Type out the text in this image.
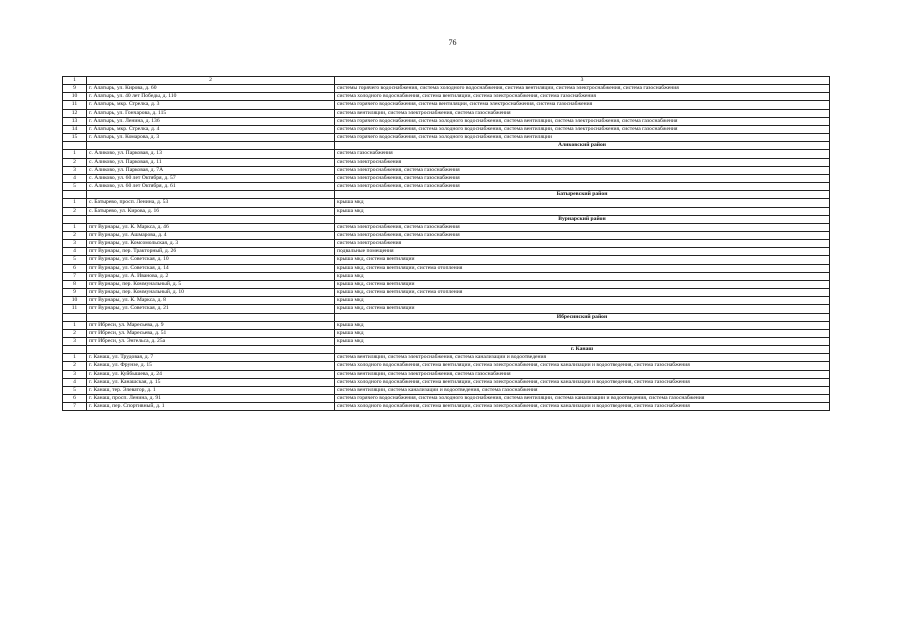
76
1	2	3
9	г. Алатырь, ул. Кирова, д. 60	системы горячего водоснабжения, система холодного водоснабжения, система вентиляции, система электроснабжения, система газоснабжения
10	г. Алатырь, ул. 40 лет Победы, д. 110	система холодного водоснабжения, система вентиляции, система электроснабжения, система газоснабжения
11	г. Алатырь, мкр. Стрелка, д. 3	система горячего водоснабжения, система вентиляции, система электроснабжения, система газоснабжения
12	г. Алатырь, ул. Гончарова, д. 115	система вентиляции, система электроснабжения, система газоснабжения
13	г. Алатырь, ул. Ленина, д. 136	система горячего водоснабжения, система холодного водоснабжения, система вентиляции, система электроснабжения, система газоснабжения
14	г. Алатырь, мкр. Стрелка, д. 4	система горячего водоснабжения, система холодного водоснабжения, система вентиляции, система электроснабжения, система газоснабжения
15	г. Алатырь, ул. Комарова, д. 3	система горячего водоснабжения, система холодного водоснабжения, система вентиляции
		Аликовский район
1	с. Аликово, ул. Парковая, д. 13	система газоснабжения
2	с. Аликово, ул. Парковая, д. 11	система электроснабжения
3	с. Аликово, ул. Парковая, д. 7А	система электроснабжения, система газоснабжения
4	с. Аликово, ул. 60 лет Октября, д. 57	система электроснабжения, система газоснабжения
5	с. Аликово, ул. 60 лет Октября, д. 61	система электроснабжения, система газоснабжения
		Батыревский район
1	с. Батырево, просп. Ленина, д. 53	крыша мкд
2	с. Батырево, ул. Кирова, д. 16	крыша мкд
		Вурнарский район
1	пгт Вурнары, ул. К. Маркса, д. 46	система электроснабжения, система газоснабжения
2	пгт Вурнары, ул. Ашмарова, д. 4	система электроснабжения, система газоснабжения
3	пгт Вурнары, ул. Комсомольская, д. 3	система электроснабжения
4	пгт Вурнары, пер. Тракторный, д. 26	подвальные помещения
5	пгт Вурнары, ул. Советская, д. 10	крыша мкд, система вентиляции
6	пгт Вурнары, ул. Советская, д. 14	крыша мкд, система вентиляции, система отопления
7	пгт Вурнары, ул. А. Иванова, д. 2	крыша мкд
8	пгт Вурнары, пер. Коммунальный, д. 5	крыша мкд, система вентиляции
9	пгт Вурнары, пер. Коммунальный, д. 10	крыша мкд, система вентиляции, система отопления
10	пгт Вурнары, ул. К. Маркса, д. 8	крыша мкд
11	пгт Вурнары, ул. Советская, д. 21	крыша мкд, система вентиляции
		Ибресинский район
1	пгт Ибреси, ул. Маресьева, д. 9	крыша мкд
2	пгт Ибреси, ул. Маресьева, д. 51	крыша мкд
3	пгт Ибреси, ул. Энгельса, д. 25а	крыша мкд
		г. Канаш
1	г. Канаш, ул. Трудовая, д. 7	система вентиляции, система электроснабжения, система канализации и водоотведения
2	г. Канаш, ул. Фрунзе, д. 15	система холодного водоснабжения, система вентиляции, система электроснабжения, система канализации и водоотведения, система газоснабжения
3	г. Канаш, ул. Куйбышева, д. 24	система вентиляции, система электроснабжения, система газоснабжения
4	г. Канаш, ул. Канашская, д. 15	система холодного водоснабжения, система вентиляции, система электроснабжения, система канализации и водоотведения, система газоснабжения
5	г. Канаш, тер. Элеватор, д. 1	система вентиляции, система канализации и водоотведения, система газоснабжения
6	г. Канаш, просп. Ленина, д. 91	система горячего водоснабжения, система холодного водоснабжения, система вентиляции, система канализации и водоотведения, система газоснабжения
7	г. Канаш, пер. Спортивный, д. 1	система холодного водоснабжения, система вентиляции, система электроснабжения, система канализации и водоотведения, система газоснабжения
